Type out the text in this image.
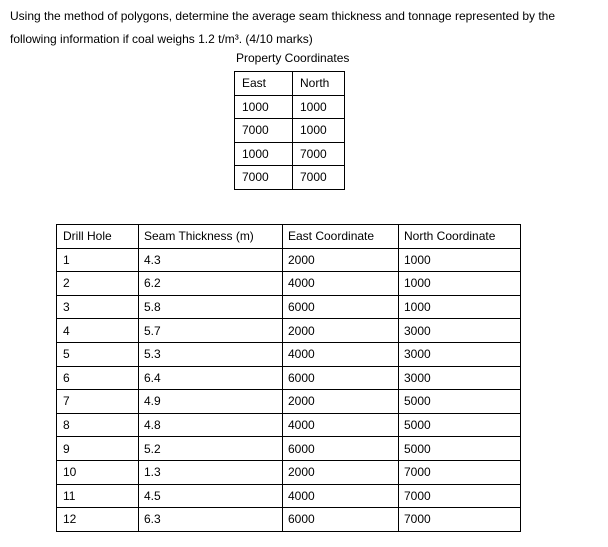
Using the method of polygons, determine the average seam thickness and tonnage represented by the following information if coal weighs 1.2 t/m³. (4/10 marks)

Property Coordinates
East	North
1000	1000
7000	1000
1000	7000
7000	7000
Drill Hole	Seam Thickness (m)	East Coordinate	North Coordinate
1	4.3	2000	1000
2	6.2	4000	1000
3	5.8	6000	1000
4	5.7	2000	3000
5	5.3	4000	3000
6	6.4	6000	3000
7	4.9	2000	5000
8	4.8	4000	5000
9	5.2	6000	5000
10	1.3	2000	7000
11	4.5	4000	7000
12	6.3	6000	7000
